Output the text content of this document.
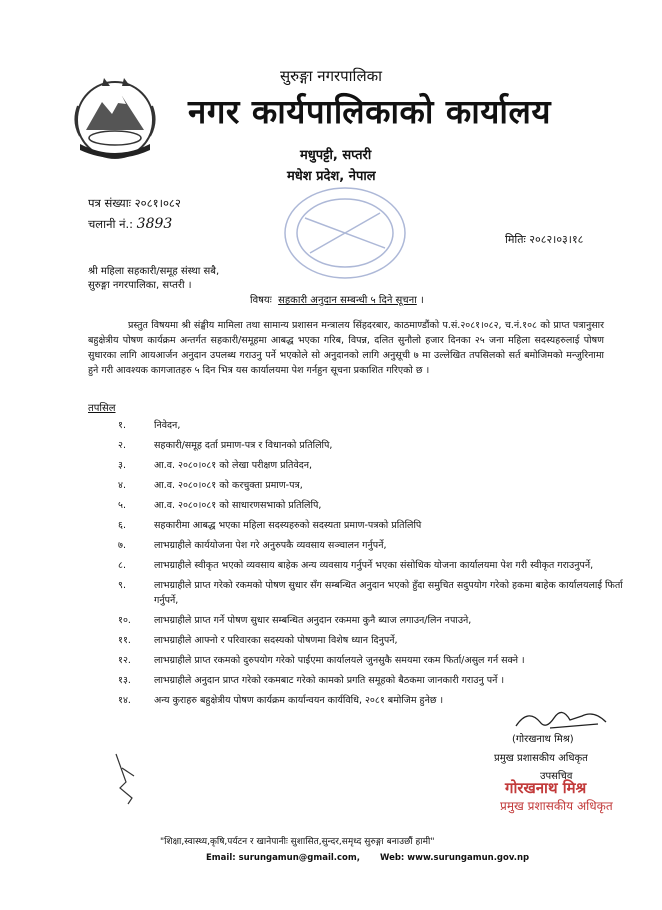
सुरुङ्गा नगरपालिका
नगर कार्यपालिकाको कार्यालय
मधुपट्टी, सप्तरी
मधेश प्रदेश, नेपाल
पत्र संख्याः २०८१।०८२
चलानी नं.: 3893
मितिः २०८२।०३।१८
श्री महिला सहकारी/समूह संस्था सबै,
सुरुङ्गा नगरपालिका, सप्तरी ।
विषयः सहकारी अनुदान सम्बन्धी ५ दिने सूचना ।
प्रस्तुत विषयमा श्री संङ्घीय मामिला तथा सामान्य प्रशासन मन्त्रालय सिंहदरबार, काठमाण्डौंको प.सं.२०८१।०८२, च.नं.१०८ को प्राप्त पत्रानुसार बहुक्षेत्रीय पोषण कार्यक्रम अन्तर्गत सहकारी/समूहमा आबद्ध भएका गरिब, विपन्न, दलित सुनौलो हजार दिनका २५ जना महिला सदस्यहरुलाई पोषण सुधारका लागि आयआर्जन अनुदान उपलब्ध गराउनु पर्ने भएकोले सो अनुदानको लागि अनुसूची ७ मा उल्लेखित तपसिलको सर्त बमोजिमको मन्जुरिनामा हुने गरी आवश्यक कागजातहरु ५ दिन भित्र यस कार्यालयमा पेश गर्नहुन सूचना प्रकाशित गरिएको छ ।
तपसिल
१.	निवेदन,
२.	सहकारी/समूह दर्ता प्रमाण-पत्र र विधानको प्रतिलिपि,
३.	आ.व. २०८०।०८१ को लेखा परीक्षण प्रतिवेदन,
४.	आ.व. २०८०।०८१ को करचुक्ता प्रमाण-पत्र,
५.	आ.व. २०८०।०८१ को साधारणसभाको प्रतिलिपि,
६.	सहकारीमा आबद्ध भएका महिला सदस्यहरुको सदस्यता प्रमाण-पत्रको प्रतिलिपि
७.	लाभग्राहीले कार्ययोजना पेश गरे अनुरुपकै व्यवसाय सञ्चालन गर्नुपर्ने,
८.	लाभग्राहीले स्वीकृत भएको व्यवसाय बाहेक अन्य व्यवसाय गर्नुपर्ने भएका संसोधिक योजना कार्यालयमा पेश गरी स्वीकृत गराउनुपर्ने,
९.	लाभग्राहीले प्राप्त गरेको रकमको पोषण सुधार सँग सम्बन्धित अनुदान भएको हुँदा समुचित सदुपयोग गरेको हकमा बाहेक कार्यालयलाई फिर्ता गर्नुपर्ने,
१०. लाभग्राहीले प्राप्त गर्ने पोषण सुधार सम्बन्धित अनुदान रकममा कुनै ब्याज लगाउन/लिन नपाउने,
११. लाभग्राहीले आफ्नो र परिवारका सदस्यको पोषणमा विशेष ध्यान दिनुपर्ने,
१२. लाभग्राहीले प्राप्त रकमको दुरुपयोग गरेको पाईएमा कार्यालयले जुनसुकै समयमा रकम फिर्ता/असुल गर्न सक्ने ।
१३. लाभग्राहीले अनुदान प्राप्त गरेको रकमबाट गरेको कामको प्रगति समूहको बैठकमा जानकारी गराउनु पर्ने ।
१४. अन्य कुराहरु बहुक्षेत्रीय पोषण कार्यक्रम कार्यान्वयन कार्यविधि, २०८१ बमोजिम हुनेछ ।
(गोरखनाथ मिश्र)
प्रमुख प्रशासकीय अधिकृत
उपसचिव
गोरखनाथ मिश्र
प्रमुख प्रशासकीय अधिकृत
"शिक्षा,स्वास्थ्य,कृषि,पर्यटन र खानेपानीः सुशासित,सुन्दर,समृध्द सुरुङ्गा बनाउछौं हामी"
Email: surungamun@gmail.com, Web: www.surungamun.gov.np
